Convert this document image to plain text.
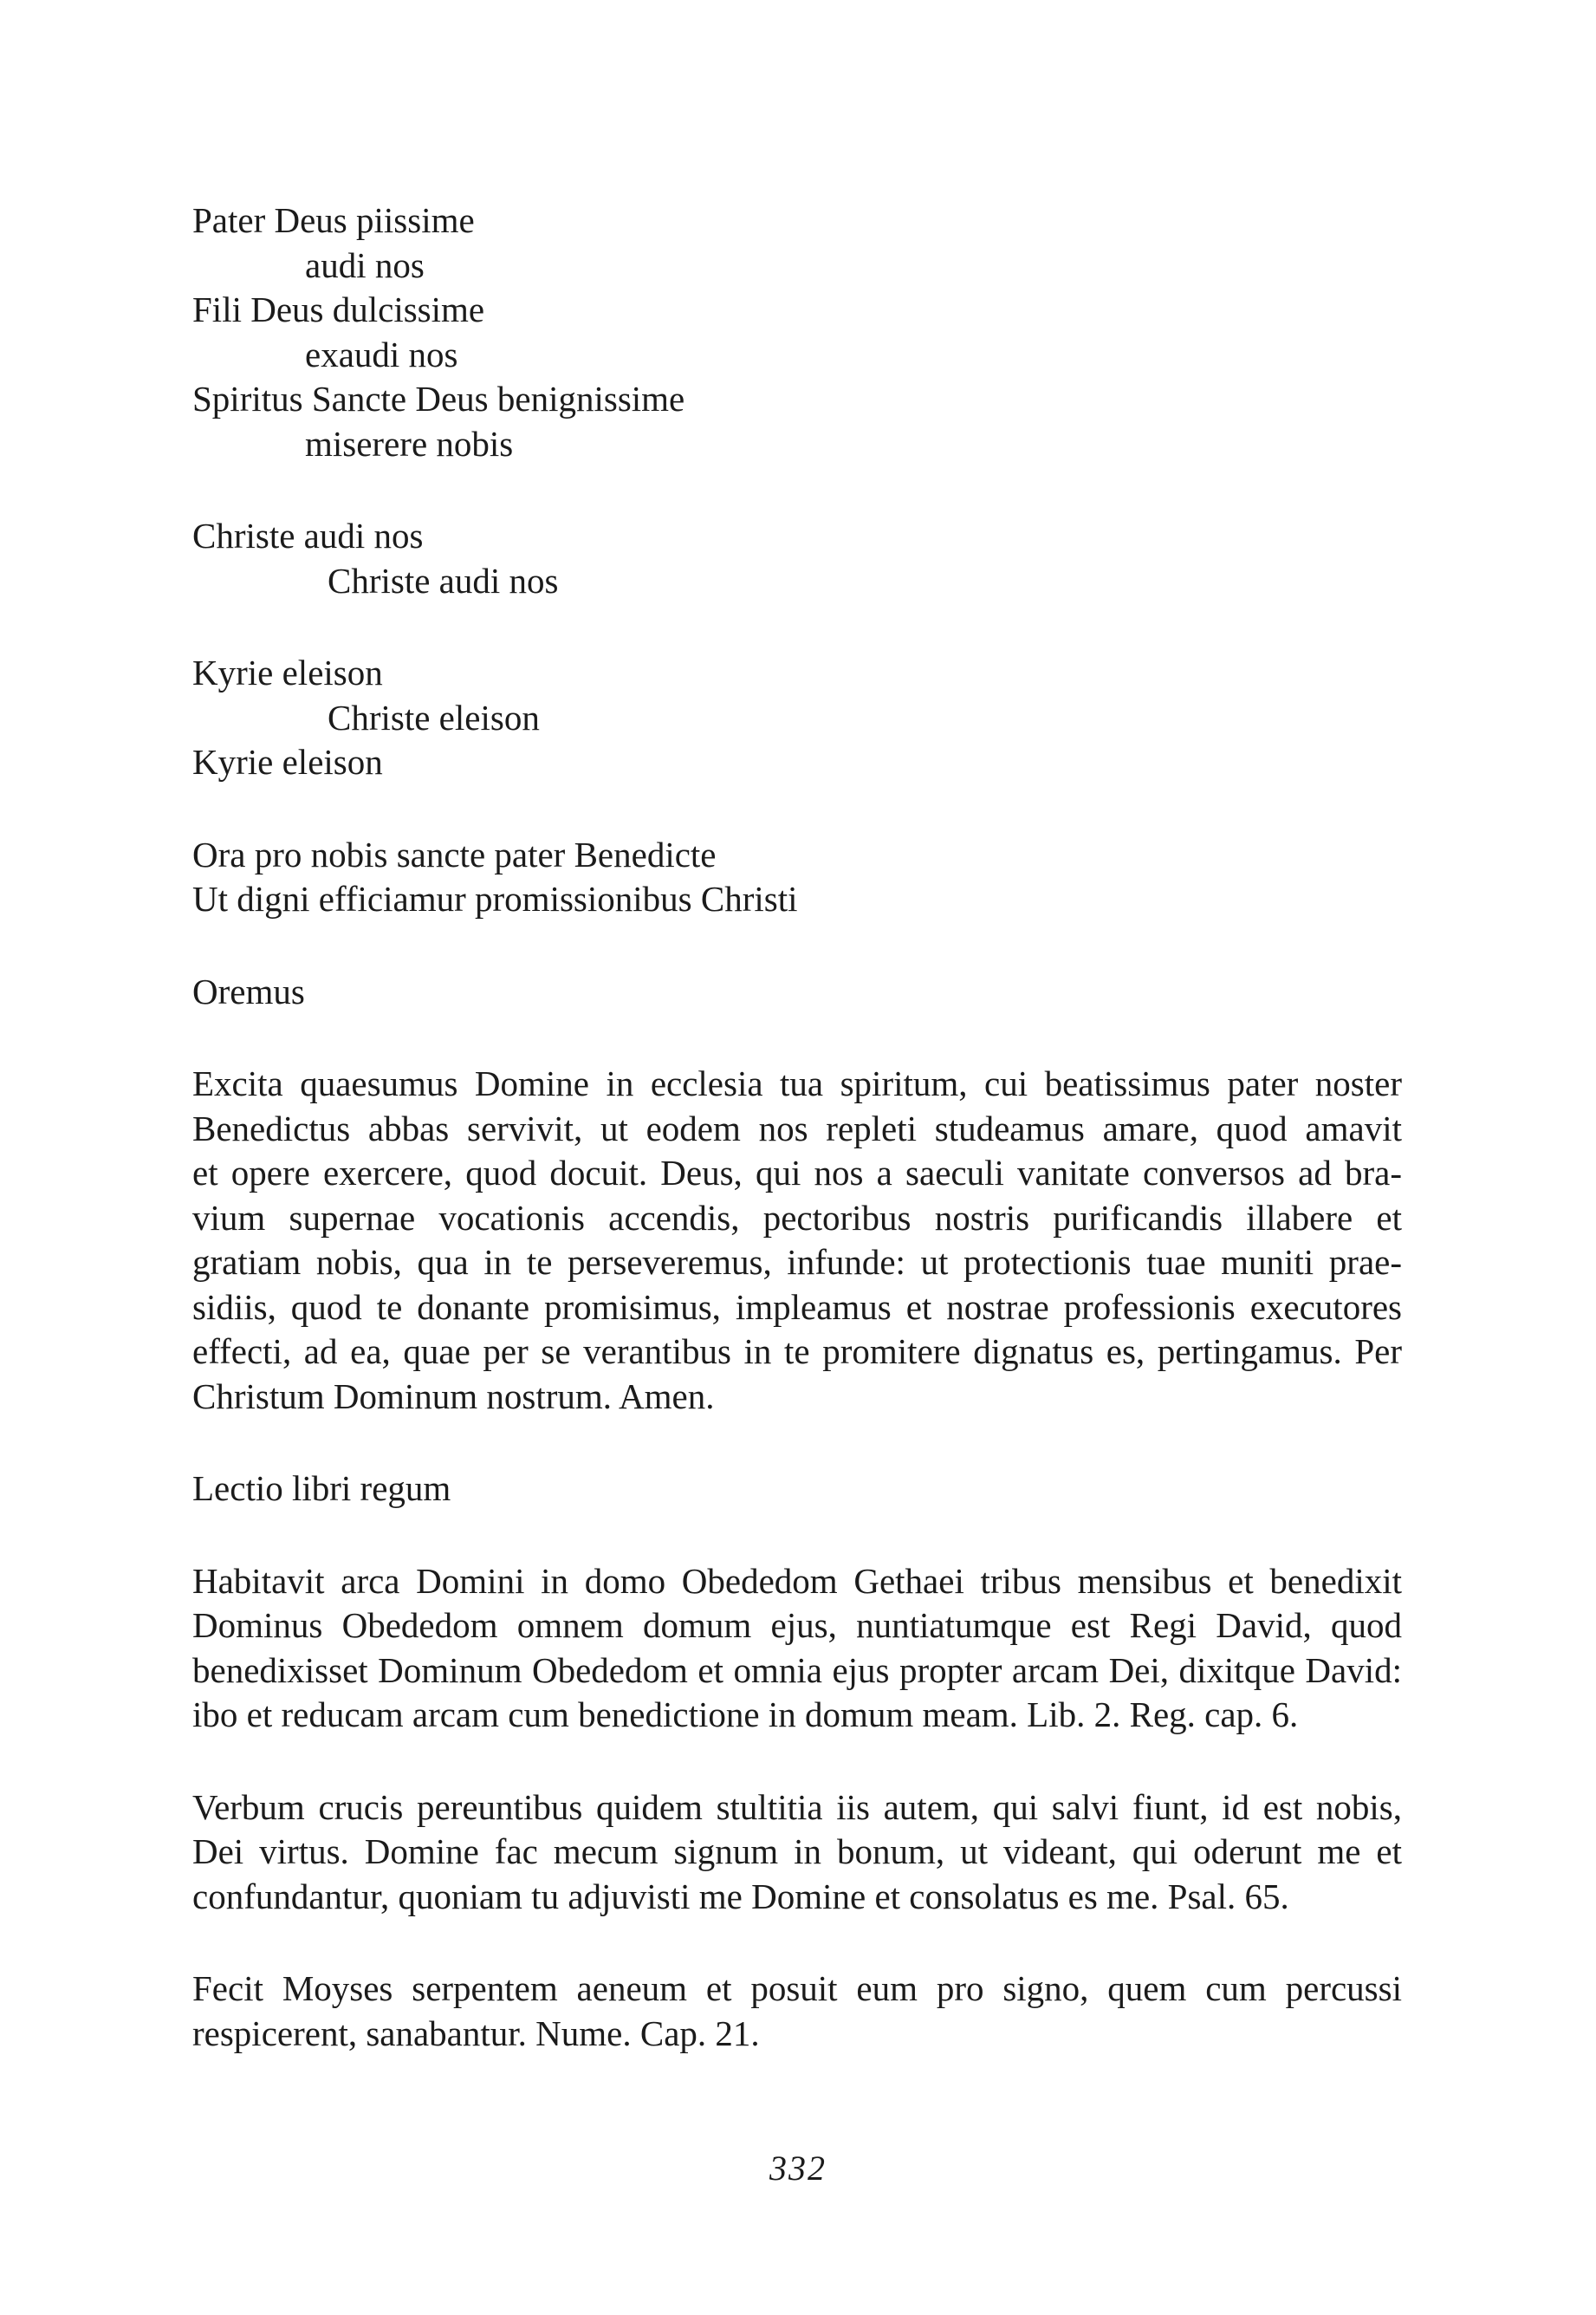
Pater Deus piissime
audi nos
Fili Deus dulcissime
exaudi nos
Spiritus Sancte Deus benignissime
miserere nobis
Christe audi nos
Christe audi nos
Kyrie eleison
Christe eleison
Kyrie eleison
Ora pro nobis sancte pater Benedicte
Ut digni efficiamur promissionibus Christi
Oremus
Excita quaesumus Domine in ecclesia tua spiritum, cui beatissimus pater noster
Benedictus abbas servivit, ut eodem nos repleti studeamus amare, quod amavit
et opere exercere, quod docuit. Deus, qui nos a saeculi vanitate conversos ad bra-
vium supernae vocationis accendis, pectoribus nostris purificandis illabere et
gratiam nobis, qua in te perseveremus, infunde: ut protectionis tuae muniti prae-
sidiis, quod te donante promisimus, impleamus et nostrae professionis executores
effecti, ad ea, quae per se verantibus in te promitere dignatus es, pertingamus. Per
Christum Dominum nostrum. Amen.
Lectio libri regum
Habitavit arca Domini in domo Obededom Gethaei tribus mensibus et benedixit
Dominus Obededom omnem domum ejus, nuntiatumque est Regi David, quod
benedixisset Dominum Obededom et omnia ejus propter arcam Dei, dixitque David:
ibo et reducam arcam cum benedictione in domum meam. Lib. 2. Reg. cap. 6.
Verbum crucis pereuntibus quidem stultitia iis autem, qui salvi fiunt, id est nobis,
Dei virtus. Domine fac mecum signum in bonum, ut videant, qui oderunt me et
confundantur, quoniam tu adjuvisti me Domine et consolatus es me. Psal. 65.
Fecit Moyses serpentem aeneum et posuit eum pro signo, quem cum percussi
respicerent, sanabantur. Nume. Cap. 21.
332
